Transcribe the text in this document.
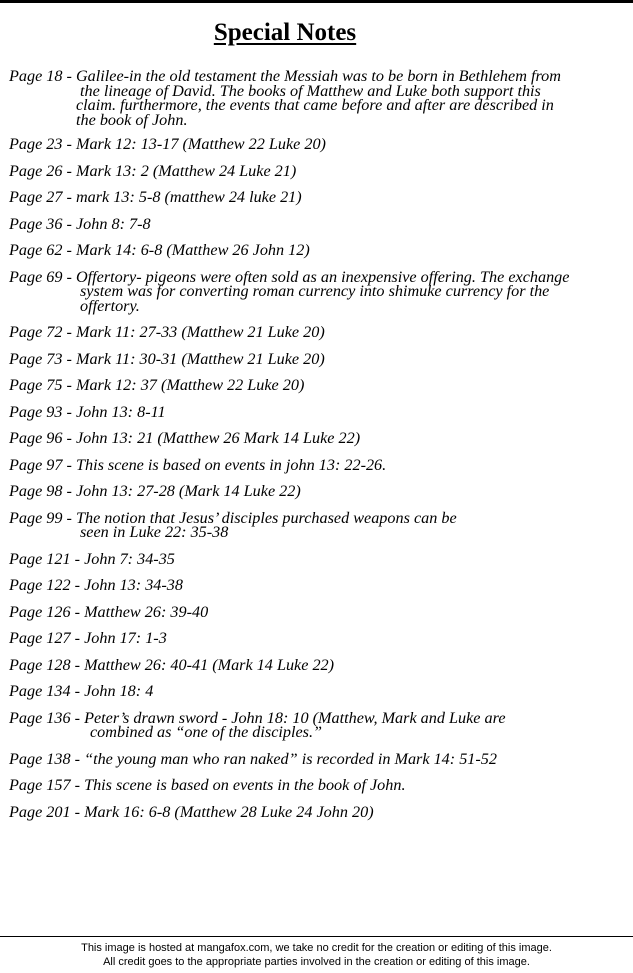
Special Notes
Page 18 - Galilee-in the old testament the Messiah was to be born in Bethlehem from
the lineage of David. The books of Matthew and Luke both support this
claim. furthermore, the events that came before and after are described in
the book of John.
Page 23 - Mark 12: 13-17 (Matthew 22 Luke 20)
Page 26 - Mark 13: 2 (Matthew 24 Luke 21)
Page 27 - mark 13: 5-8 (matthew 24 luke 21)
Page 36 - John 8: 7-8
Page 62 - Mark 14: 6-8 (Matthew 26 John 12)
Page 69 - Offertory- pigeons were often sold as an inexpensive offering. The exchange
system was for converting roman currency into shimuke currency for the
offertory.
Page 72 - Mark 11: 27-33 (Matthew 21 Luke 20)
Page 73 - Mark 11: 30-31 (Matthew 21 Luke 20)
Page 75 - Mark 12: 37 (Matthew 22 Luke 20)
Page 93 - John 13: 8-11
Page 96 - John 13: 21 (Matthew 26 Mark 14 Luke 22)
Page 97 - This scene is based on events in john 13: 22-26.
Page 98 - John 13: 27-28 (Mark 14 Luke 22)
Page 99 - The notion that Jesus’ disciples purchased weapons can be
seen in Luke 22: 35-38
Page 121 - John 7: 34-35
Page 122 - John 13: 34-38
Page 126 - Matthew 26: 39-40
Page 127 - John 17: 1-3
Page 128 - Matthew 26: 40-41 (Mark 14 Luke 22)
Page 134 - John 18: 4
Page 136 - Peter’s drawn sword - John 18: 10 (Matthew, Mark and Luke are
combined as “one of the disciples.”
Page 138 - “the young man who ran naked” is recorded in Mark 14: 51-52
Page 157 - This scene is based on events in the book of John.
Page 201 - Mark 16: 6-8 (Matthew 28 Luke 24 John 20)
This image is hosted at mangafox.com, we take no credit for the creation or editing of this image.
All credit goes to the appropriate parties involved in the creation or editing of this image.
